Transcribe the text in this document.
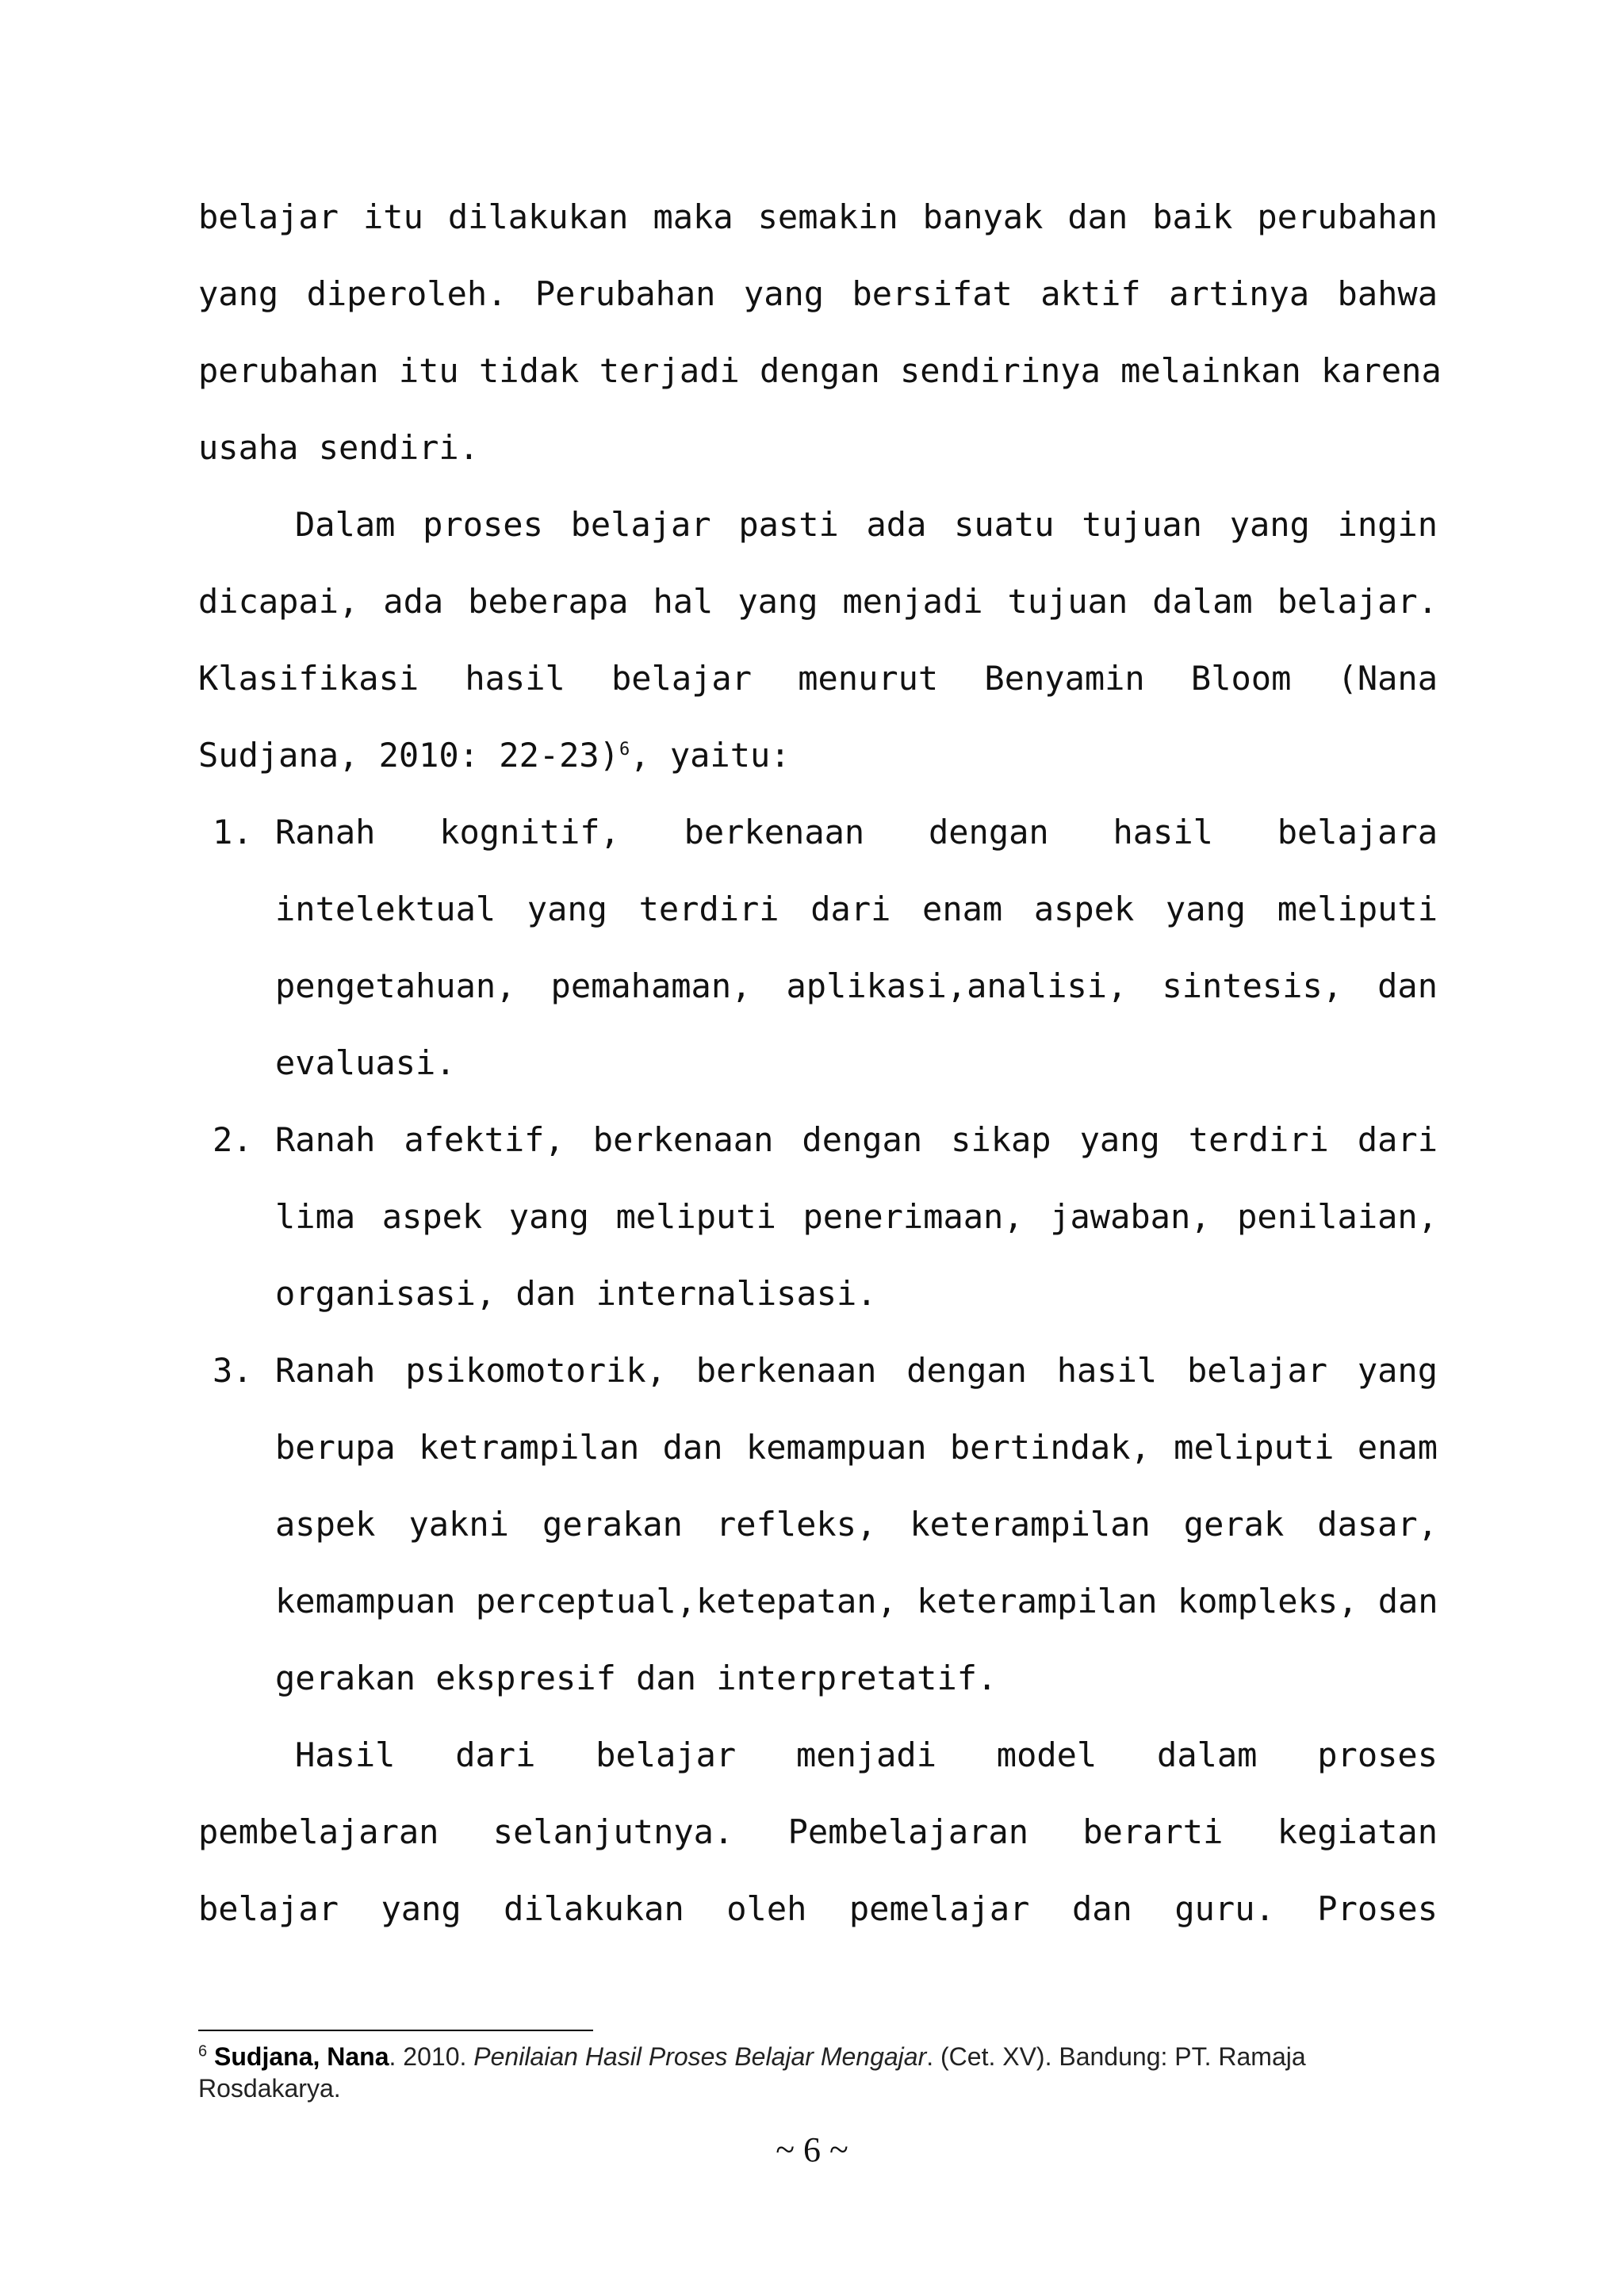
belajar itu dilakukan maka semakin banyak dan baik perubahan
yang diperoleh. Perubahan yang bersifat aktif artinya bahwa
perubahan itu tidak terjadi dengan sendirinya melainkan karena
usaha sendiri.
Dalam proses belajar pasti ada suatu tujuan yang ingin
dicapai, ada beberapa hal yang menjadi tujuan dalam belajar.
Klasifikasi hasil belajar menurut Benyamin Bloom (Nana
Sudjana, 2010: 22-23)$^6$, yaitu:
1. Ranah kognitif, berkenaan dengan hasil belajara
intelektual yang terdiri dari enam aspek yang meliputi
pengetahuan, pemahaman, aplikasi,analisi, sintesis, dan
evaluasi.
2. Ranah afektif, berkenaan dengan sikap yang terdiri dari
lima aspek yang meliputi penerimaan, jawaban, penilaian,
organisasi, dan internalisasi.
3. Ranah psikomotorik, berkenaan dengan hasil belajar yang
berupa ketrampilan dan kemampuan bertindak, meliputi enam
aspek yakni gerakan refleks, keterampilan gerak dasar,
kemampuan perceptual,ketepatan, keterampilan kompleks, dan
gerakan ekspresif dan interpretatif.
Hasil dari belajar menjadi model dalam proses
pembelajaran selanjutnya. Pembelajaran berarti kegiatan
belajar yang dilakukan oleh pemelajar dan guru. Proses
$^6$ Sudjana, Nana. 2010. Penilaian Hasil Proses Belajar Mengajar. (Cet. XV). Bandung: PT. Ramaja
Rosdakarya.
~ 6 ~
